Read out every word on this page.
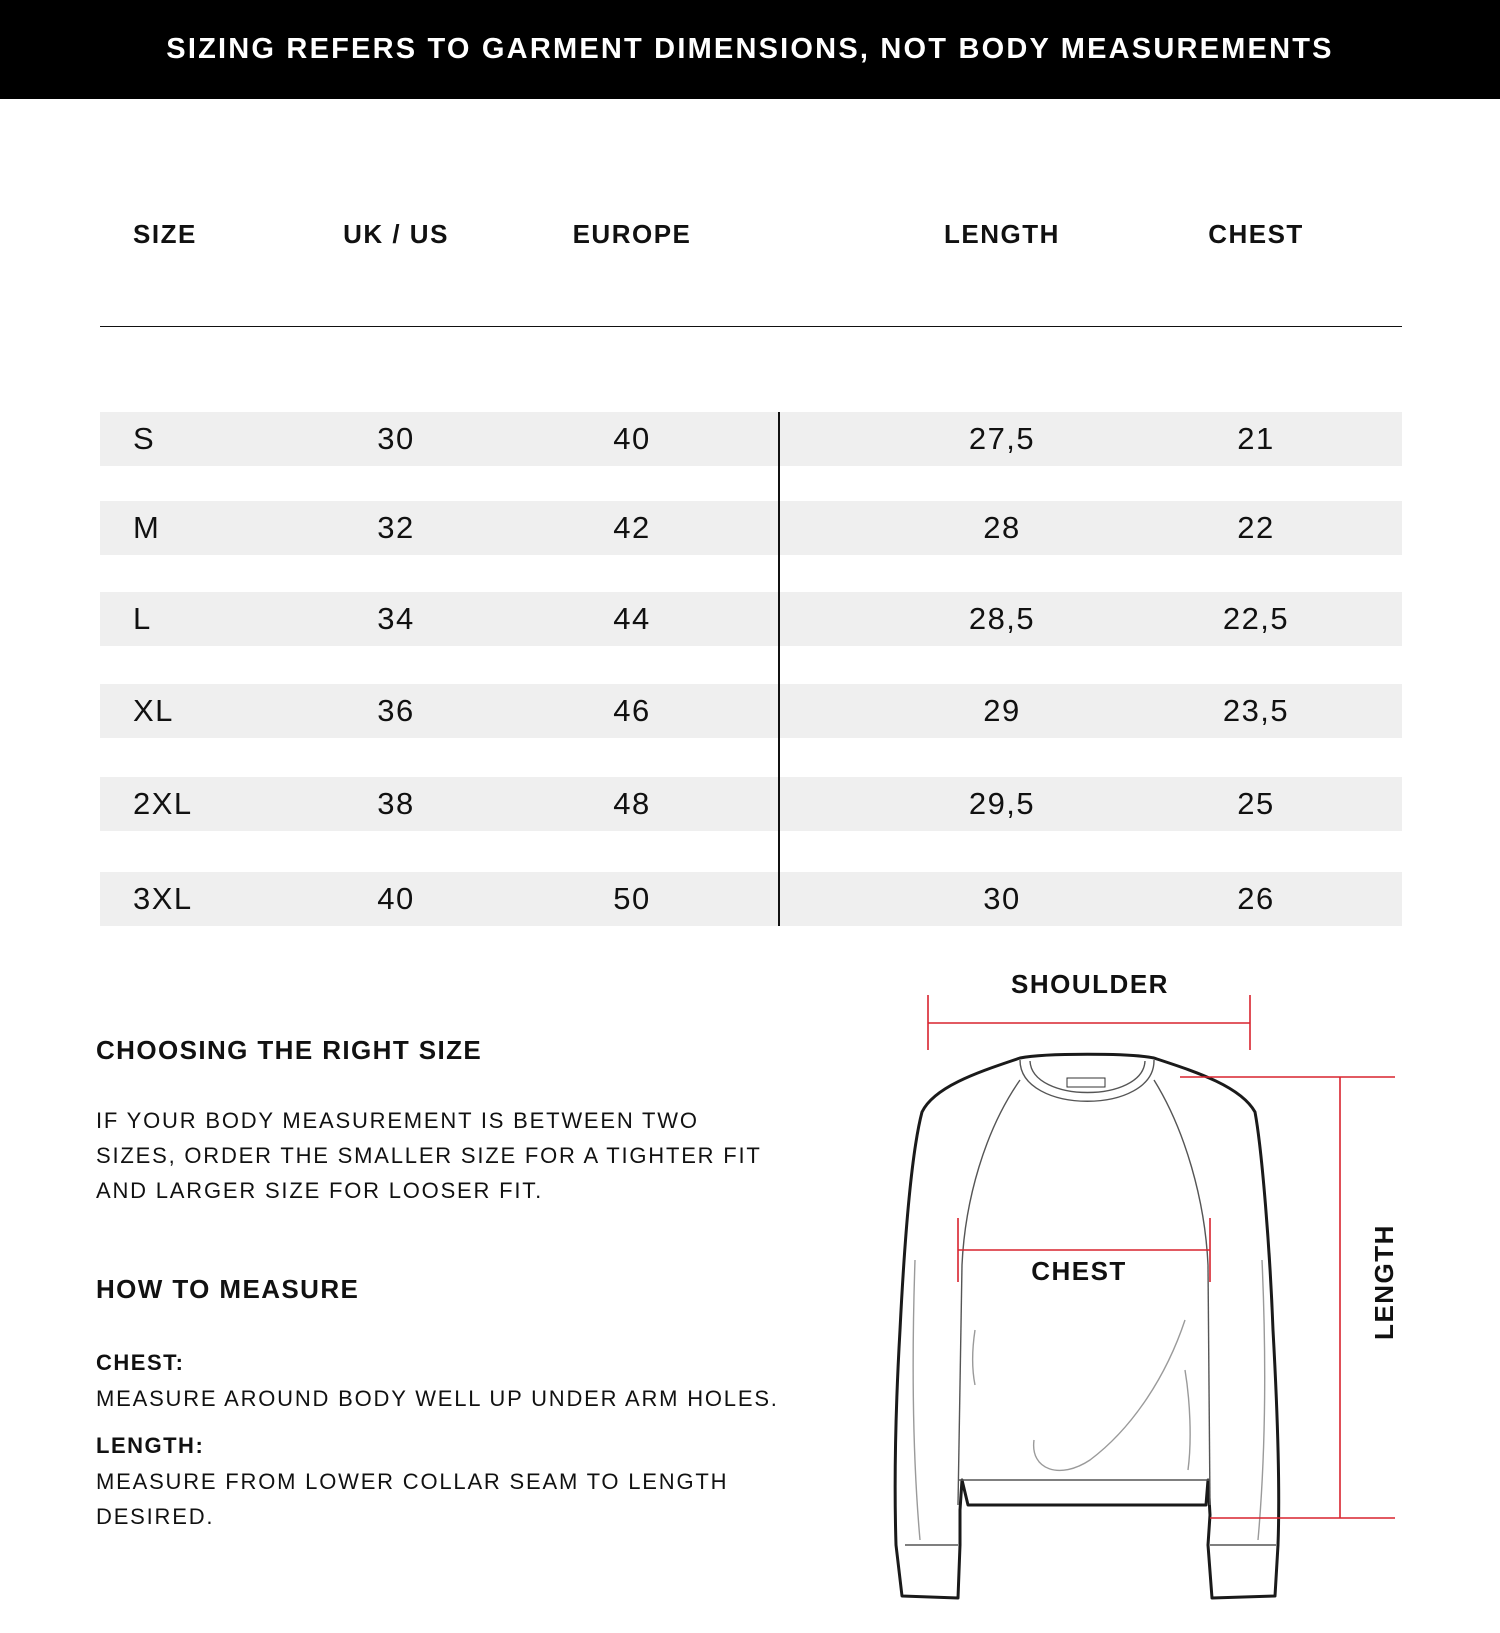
SIZING REFERS TO GARMENT DIMENSIONS, NOT BODY MEASUREMENTS
SIZE	UK / US	EUROPE	LENGTH	CHEST
S	30	40	27,5	21
M	32	42	28	22
L	34	44	28,5	22,5
XL	36	46	29	23,5
2XL	38	48	29,5	25
3XL	40	50	30	26
CHOOSING THE RIGHT SIZE
IF YOUR BODY MEASUREMENT IS BETWEEN TWO
SIZES, ORDER THE SMALLER SIZE FOR A TIGHTER FIT
AND LARGER SIZE FOR LOOSER FIT.
HOW TO MEASURE
CHEST:
MEASURE AROUND BODY WELL UP UNDER ARM HOLES.
LENGTH:
MEASURE FROM LOWER COLLAR SEAM TO LENGTH
DESIRED.
SHOULDER
CHEST	LENGTH
